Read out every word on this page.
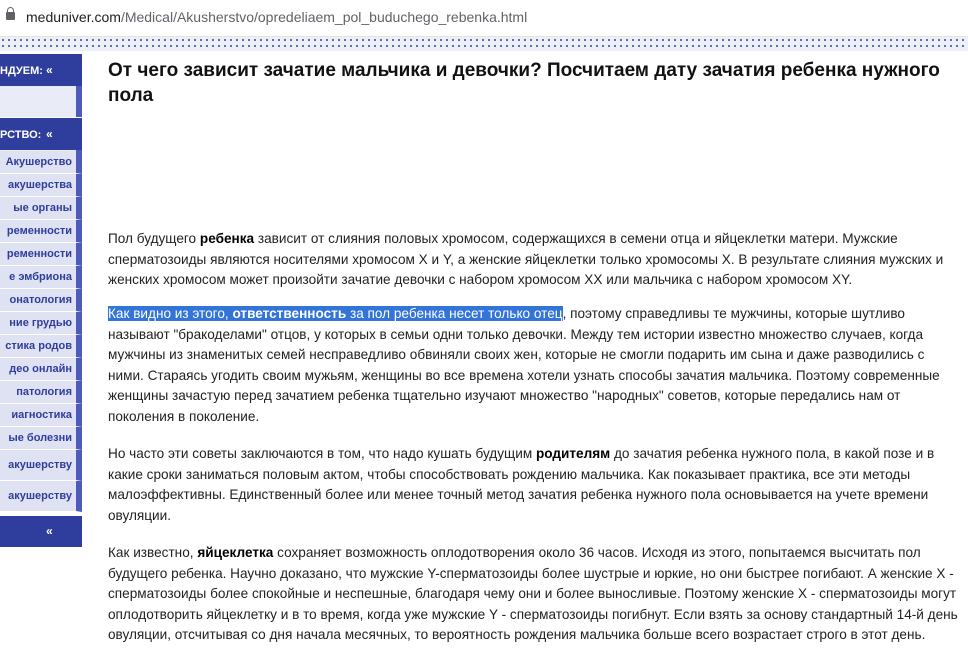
meduniver.com/Medical/Akusherstvo/opredeliaem_pol_buduchego_rebenka.html
НДУЕМ: «
РСТВО: «
Акушерство
акушерства
ые органы
ременности
ременности
е эмбриона
онатология
ние грудью
стика родов
део онлайн
патология
иагностика
ые болезни
акушерству
акушерству
«
От чего зависит зачатие мальчика и девочки? Посчитаем дату зачатия ребенка нужного пола

Пол будущего ребенка зависит от слияния половых хромосом, содержащихся в семени отца и яйцеклетки матери. Мужские сперматозоиды являются носителями хромосом X и Y, а женские яйцеклетки только хромосомы X. В результате слияния мужских и женских хромосом может произойти зачатие девочки с набором хромосом XX или мальчика с набором хромосом XY.

Как видно из этого, ответственность за пол ребенка несет только отец, поэтому справедливы те мужчины, которые шутливо называют "бракоделами" отцов, у которых в семьи одни только девочки. Между тем истории известно множество случаев, когда мужчины из знаменитых семей несправедливо обвиняли своих жен, которые не смогли подарить им сына и даже разводились с ними. Стараясь угодить своим мужьям, женщины во все времена хотели узнать способы зачатия мальчика. Поэтому современные женщины зачастую перед зачатием ребенка тщательно изучают множество "народных" советов, которые передались нам от поколения в поколение.

Но часто эти советы заключаются в том, что надо кушать будущим родителям до зачатия ребенка нужного пола, в какой позе и в какие сроки заниматься половым актом, чтобы способствовать рождению мальчика. Как показывает практика, все эти методы малоэффективны. Единственный более или менее точный метод зачатия ребенка нужного пола основывается на учете времени овуляции.

Как известно, яйцеклетка сохраняет возможность оплодотворения около 36 часов. Исходя из этого, попытаемся высчитать пол будущего ребенка. Научно доказано, что мужские Y-сперматозоиды более шустрые и юркие, но они быстрее погибают. А женские X - сперматозоиды более спокойные и неспешные, благодаря чему они и более выносливые. Поэтому женские X - сперматозоиды могут оплодотворить яйцеклетку и в то время, когда уже мужские Y - сперматозоиды погибнут. Если взять за основу стандартный 14-й день овуляции, отсчитывая со дня начала месячных, то вероятность рождения мальчика больше всего возрастает строго в этот день.
